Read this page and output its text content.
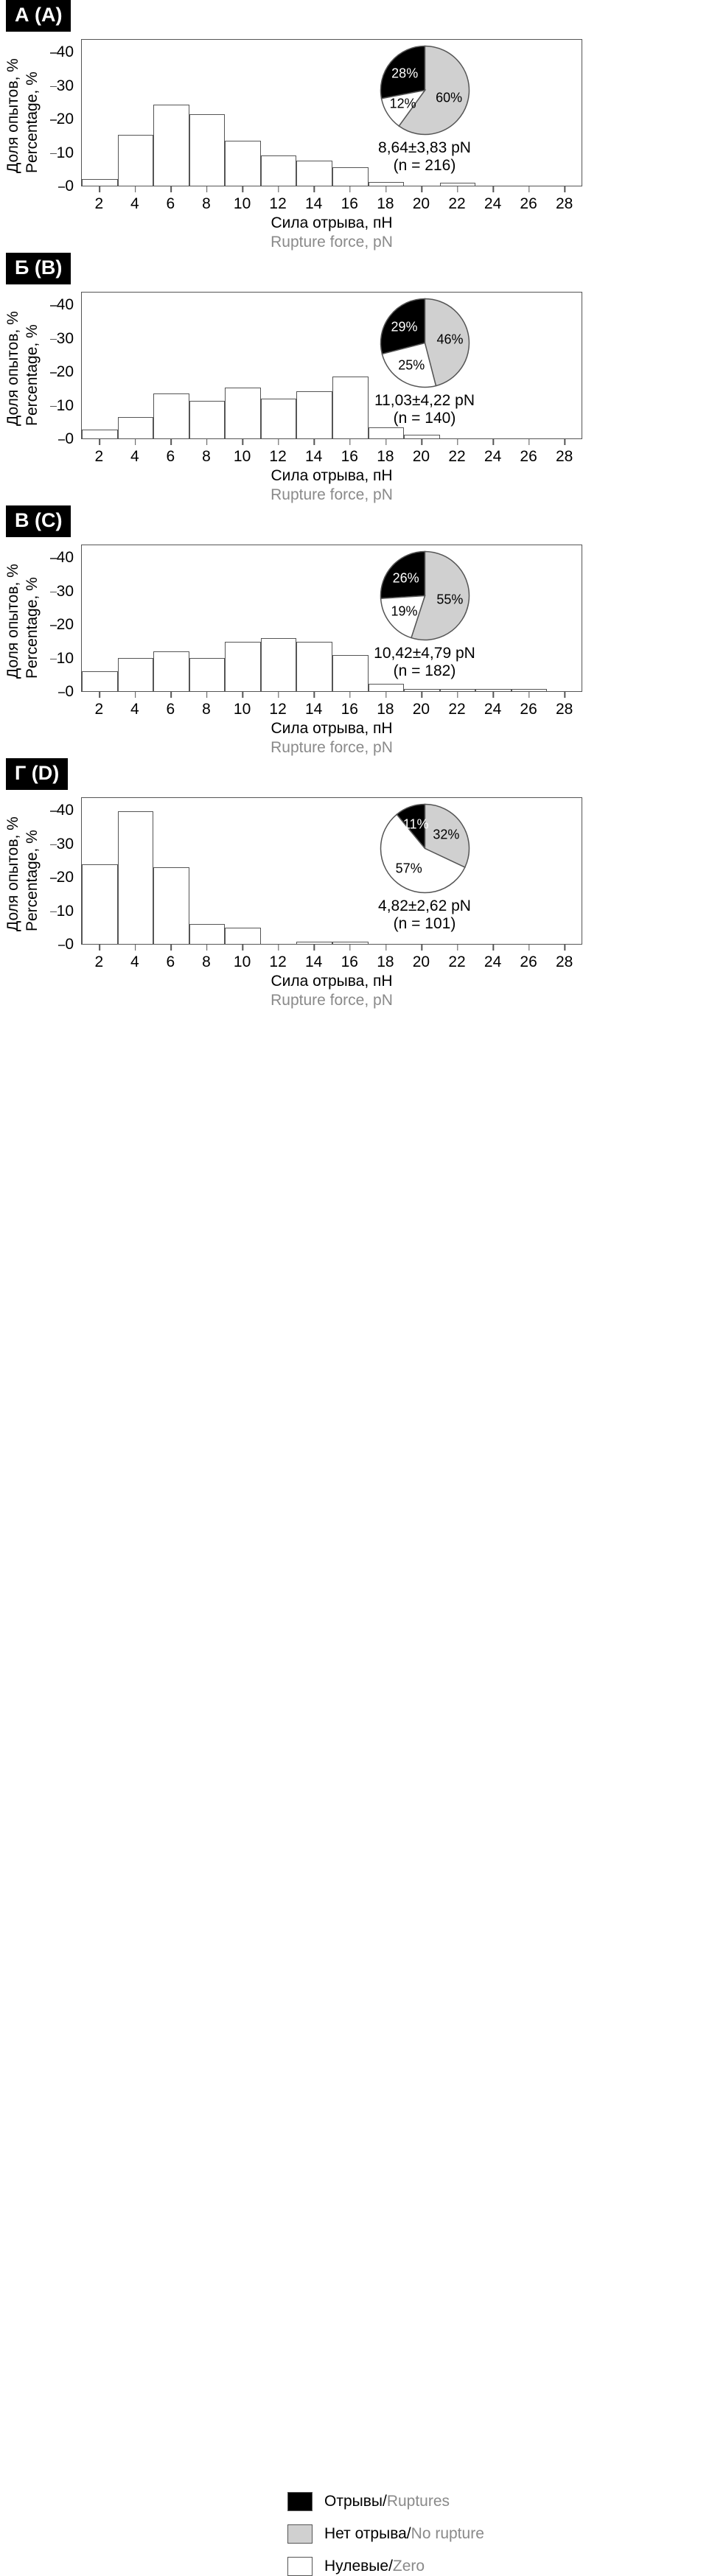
А (A)
Доля опытов, % Percentage, %
0
10
20
30
40
28%
60%
12%
8,64±3,83 pN
(n = 216)
2 4 6 8 10 12 14 16 18 20 22 24 26 28
Сила отрыва, пН
Rupture force, pN
Б (B)
Доля опытов, % Percentage, %
0
10
20
30
40
29%
46%
25%
11,03±4,22 pN
(n = 140)
2 4 6 8 10 12 14 16 18 20 22 24 26 28
Сила отрыва, пН
Rupture force, pN
В (C)
Доля опытов, % Percentage, %
0
10
20
30
40
26%
55%
19%
10,42±4,79 pN
(n = 182)
2 4 6 8 10 12 14 16 18 20 22 24 26 28
Сила отрыва, пН
Rupture force, pN
Г (D)
Доля опытов, % Percentage, %
0
10
20
30
40
11%
32%
57%
4,82±2,62 pN
(n = 101)
2 4 6 8 10 12 14 16 18 20 22 24 26 28
Сила отрыва, пН
Rupture force, pN
Отрывы/Ruptures
Нет отрыва/No rupture
Нулевые/Zero
